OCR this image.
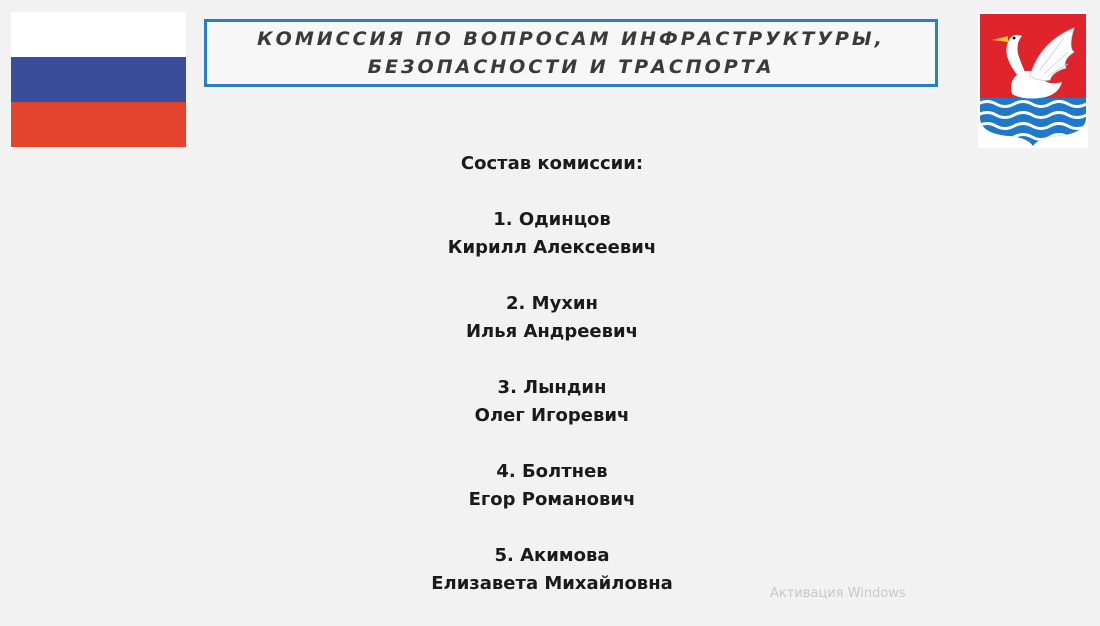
КОМИССИЯ ПО ВОПРОСАМ ИНФРАСТРУКТУРЫ,
БЕЗОПАСНОСТИ И ТРАСПОРТА
Состав комиссии:
1. Одинцов
Кирилл Алексеевич
2. Мухин
Илья Андреевич
3. Лындин
Олег Игоревич
4. Болтнев
Егор Романович
5. Акимова
Елизавета Михайловна	Активация Windows
